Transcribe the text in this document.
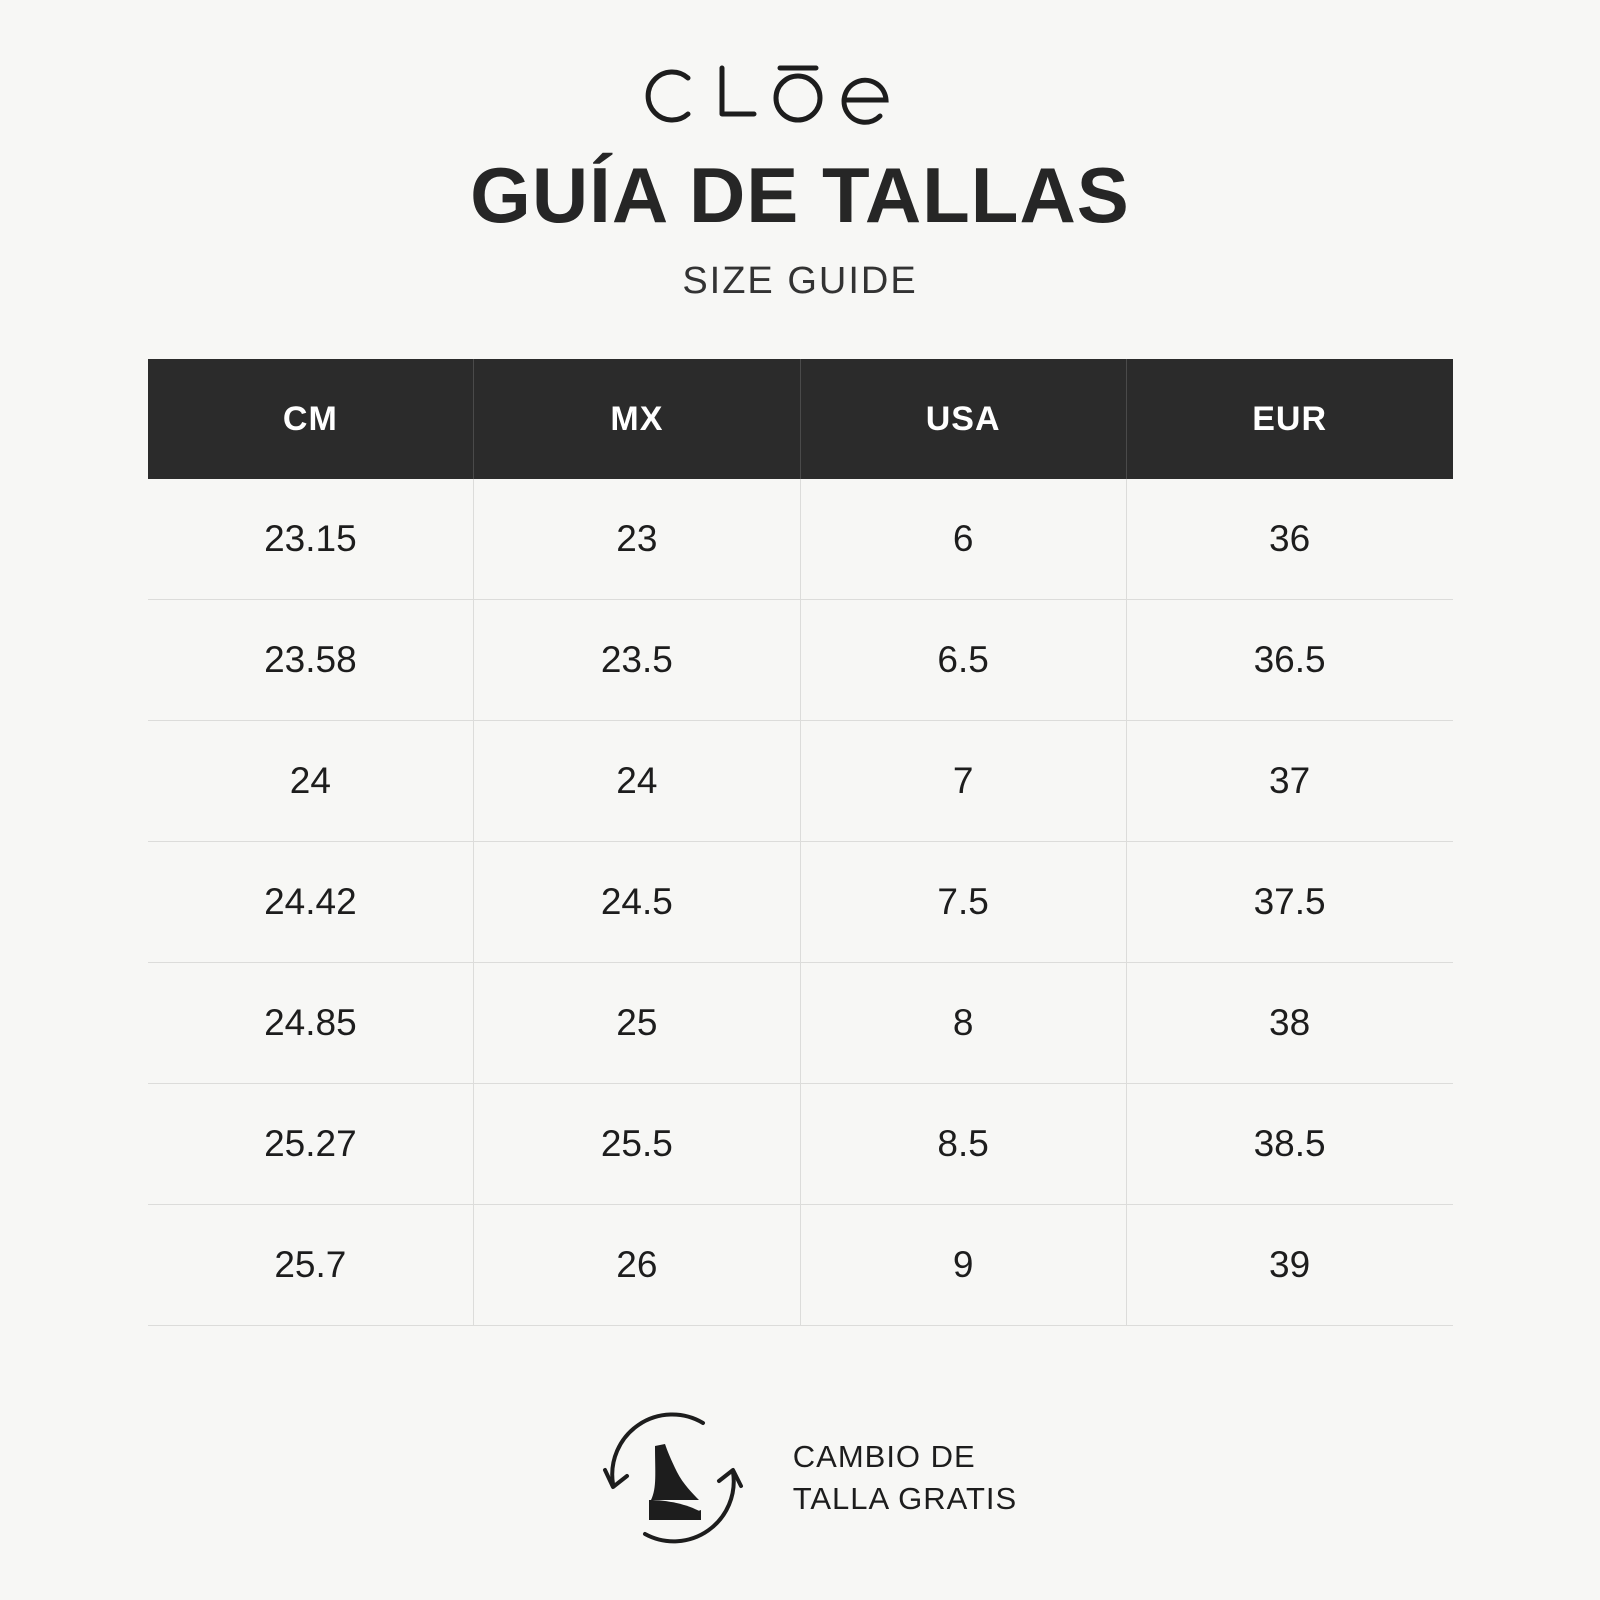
GUÍA DE TALLAS
SIZE GUIDE
CM	MX	USA	EUR
23.15	23	6	36
23.58	23.5	6.5	36.5
24	24	7	37
24.42	24.5	7.5	37.5
24.85	25	8	38
25.27	25.5	8.5	38.5
25.7	26	9	39
CAMBIO DE
TALLA GRATIS
